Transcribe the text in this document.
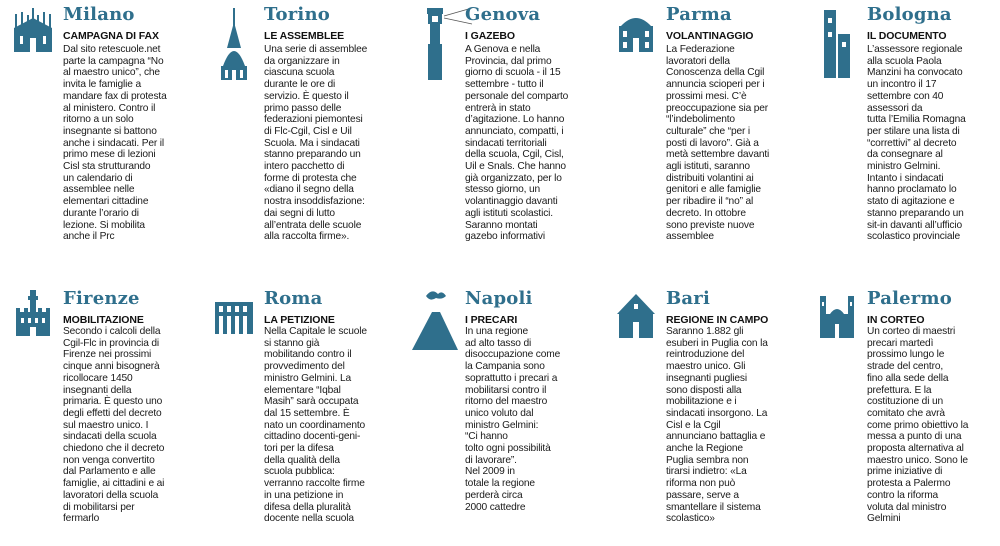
Milano
CAMPAGNA DI FAX
Dal sito retescuole.net
parte la campagna “No
al maestro unico”, che
invita le famiglie a
mandare fax di protesta
al ministero. Contro il
ritorno a un solo
insegnante si battono
anche i sindacati. Per il
primo mese di lezioni
Cisl sta strutturando
un calendario di
assemblee nelle
elementari cittadine
durante l’orario di
lezione. Si mobilita
anche il Prc
Torino
LE ASSEMBLEE
Una serie di assemblee
da organizzare in
ciascuna scuola
durante le ore di
servizio. È questo il
primo passo delle
federazioni piemontesi
di Flc-Cgil, Cisl e Uil
Scuola. Ma i sindacati
stanno preparando un
intero pacchetto di
forme di protesta che
«diano il segno della
nostra insoddisfazione:
dai segni di lutto
all’entrata delle scuole
alla raccolta firme».
Genova
I GAZEBO
A Genova e nella
Provincia, dal primo
giorno di scuola - il 15
settembre - tutto il
personale del comparto
entrerà in stato
d’agitazione. Lo hanno
annunciato, compatti, i
sindacati territoriali
della scuola, Cgil, Cisl,
Uil e Snals. Che hanno
già organizzato, per lo
stesso giorno, un
volantinaggio davanti
agli istituti scolastici.
Saranno montati
gazebo informativi
Parma
VOLANTINAGGIO
La Federazione
lavoratori della
Conoscenza della Cgil
annuncia scioperi per i
prossimi mesi. C’è
preoccupazione sia per
“l’indebolimento
culturale” che “per i
posti di lavoro”. Già a
metà settembre davanti
agli istituti, saranno
distribuiti volantini ai
genitori e alle famiglie
per ribadire il “no” al
decreto. In ottobre
sono previste nuove
assemblee
Bologna
IL DOCUMENTO
L’assessore regionale
alla scuola Paola
Manzini ha convocato
un incontro il 17
settembre con 40
assessori da
tutta l’Emilia Romagna
per stilare una lista di
“correttivi” al decreto
da consegnare al
ministro Gelmini.
Intanto i sindacati
hanno proclamato lo
stato di agitazione e
stanno preparando un
sit-in davanti all’ufficio
scolastico provinciale
Firenze
MOBILITAZIONE
Secondo i calcoli della
Cgil-Flc in provincia di
Firenze nei prossimi
cinque anni bisognerà
ricollocare 1450
insegnanti della
primaria. È questo uno
degli effetti del decreto
sul maestro unico. I
sindacati della scuola
chiedono che il decreto
non venga convertito
dal Parlamento e alle
famiglie, ai cittadini e ai
lavoratori della scuola
di mobilitarsi per
fermarlo
Roma
LA PETIZIONE
Nella Capitale le scuole
si stanno già
mobilitando contro il
provvedimento del
ministro Gelmini. La
elementare “Iqbal
Masih” sarà occupata
dal 15 settembre. È
nato un coordinamento
cittadino docenti-geni-
tori per la difesa
della qualità della
scuola pubblica:
verranno raccolte firme
in una petizione in
difesa della pluralità
docente nella scuola
Napoli
I PRECARI
In una regione
ad alto tasso di
disoccupazione come
la Campania sono
soprattutto i precari a
mobilitarsi contro il
ritorno del maestro
unico voluto dal
ministro Gelmini:
“Ci hanno
tolto ogni possibilità
di lavorare”.
Nel 2009 in
totale la regione
perderà circa
2000 cattedre
Bari
REGIONE IN CAMPO
Saranno 1.882 gli
esuberi in Puglia con la
reintroduzione del
maestro unico. Gli
insegnanti pugliesi
sono disposti alla
mobilitazione e i
sindacati insorgono. La
Cisl e la Cgil
annunciano battaglia e
anche la Regione
Puglia sembra non
tirarsi indietro: «La
riforma non può
passare, serve a
smantellare il sistema
scolastico»
Palermo
IN CORTEO
Un corteo di maestri
precari martedì
prossimo lungo le
strade del centro,
fino alla sede della
prefettura. E la
costituzione di un
comitato che avrà
come primo obiettivo la
messa a punto di una
proposta alternativa al
maestro unico. Sono le
prime iniziative di
protesta a Palermo
contro la riforma
voluta dal ministro
Gelmini
